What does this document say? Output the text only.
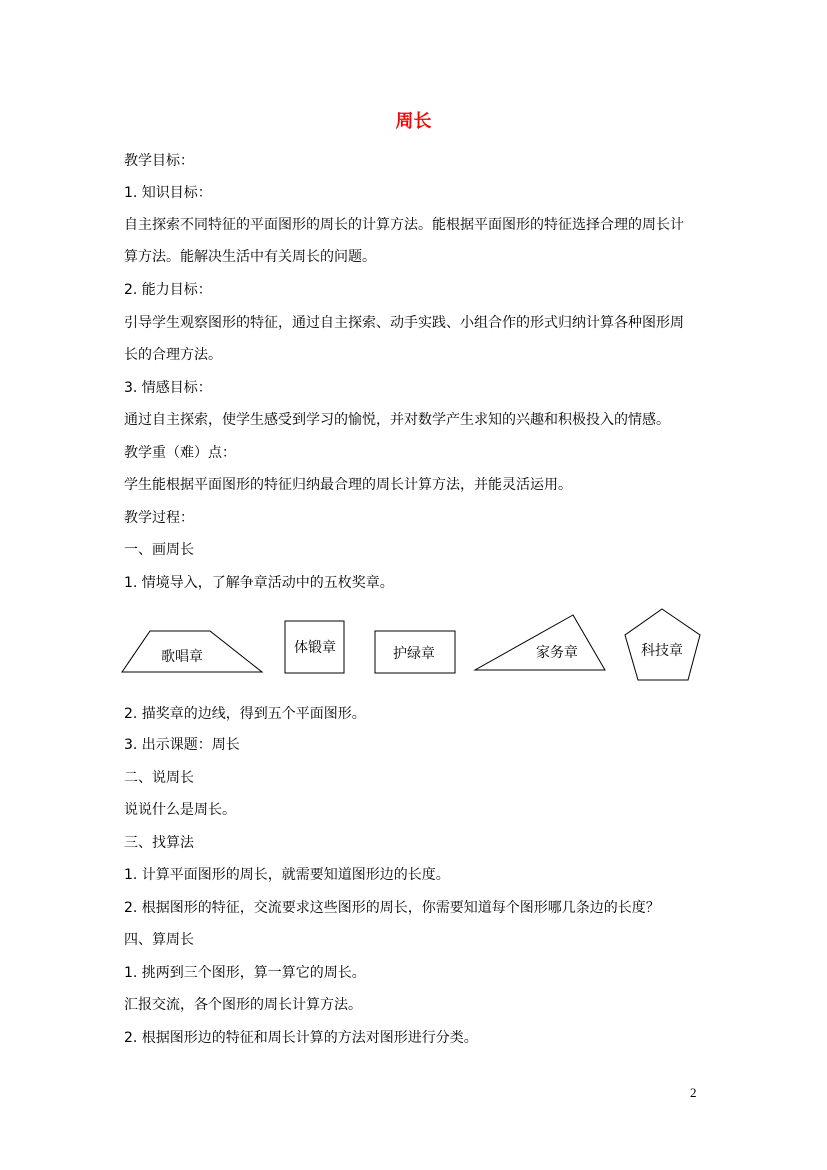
周长
教学目标：
1. 知识目标：
自主探索不同特征的平面图形的周长的计算方法。能根据平面图形的特征选择合理的周长计
算方法。能解决生活中有关周长的问题。
2. 能力目标：
引导学生观察图形的特征，通过自主探索、动手实践、小组合作的形式归纳计算各种图形周
长的合理方法。
3. 情感目标：
通过自主探索，使学生感受到学习的愉悦，并对数学产生求知的兴趣和积极投入的情感。
教学重（难）点：
学生能根据平面图形的特征归纳最合理的周长计算方法，并能灵活运用。
教学过程：
一、画周长
1. 情境导入，了解争章活动中的五枚奖章。
歌唱章
体锻章	护绿章	家务章	科技章
2. 描奖章的边线，得到五个平面图形。
3. 出示课题：周长
二、说周长
说说什么是周长。
三、找算法
1. 计算平面图形的周长，就需要知道图形边的长度。
2. 根据图形的特征，交流要求这些图形的周长，你需要知道每个图形哪几条边的长度？
四、算周长
1. 挑两到三个图形，算一算它的周长。
汇报交流，各个图形的周长计算方法。
2. 根据图形边的特征和周长计算的方法对图形进行分类。
2
